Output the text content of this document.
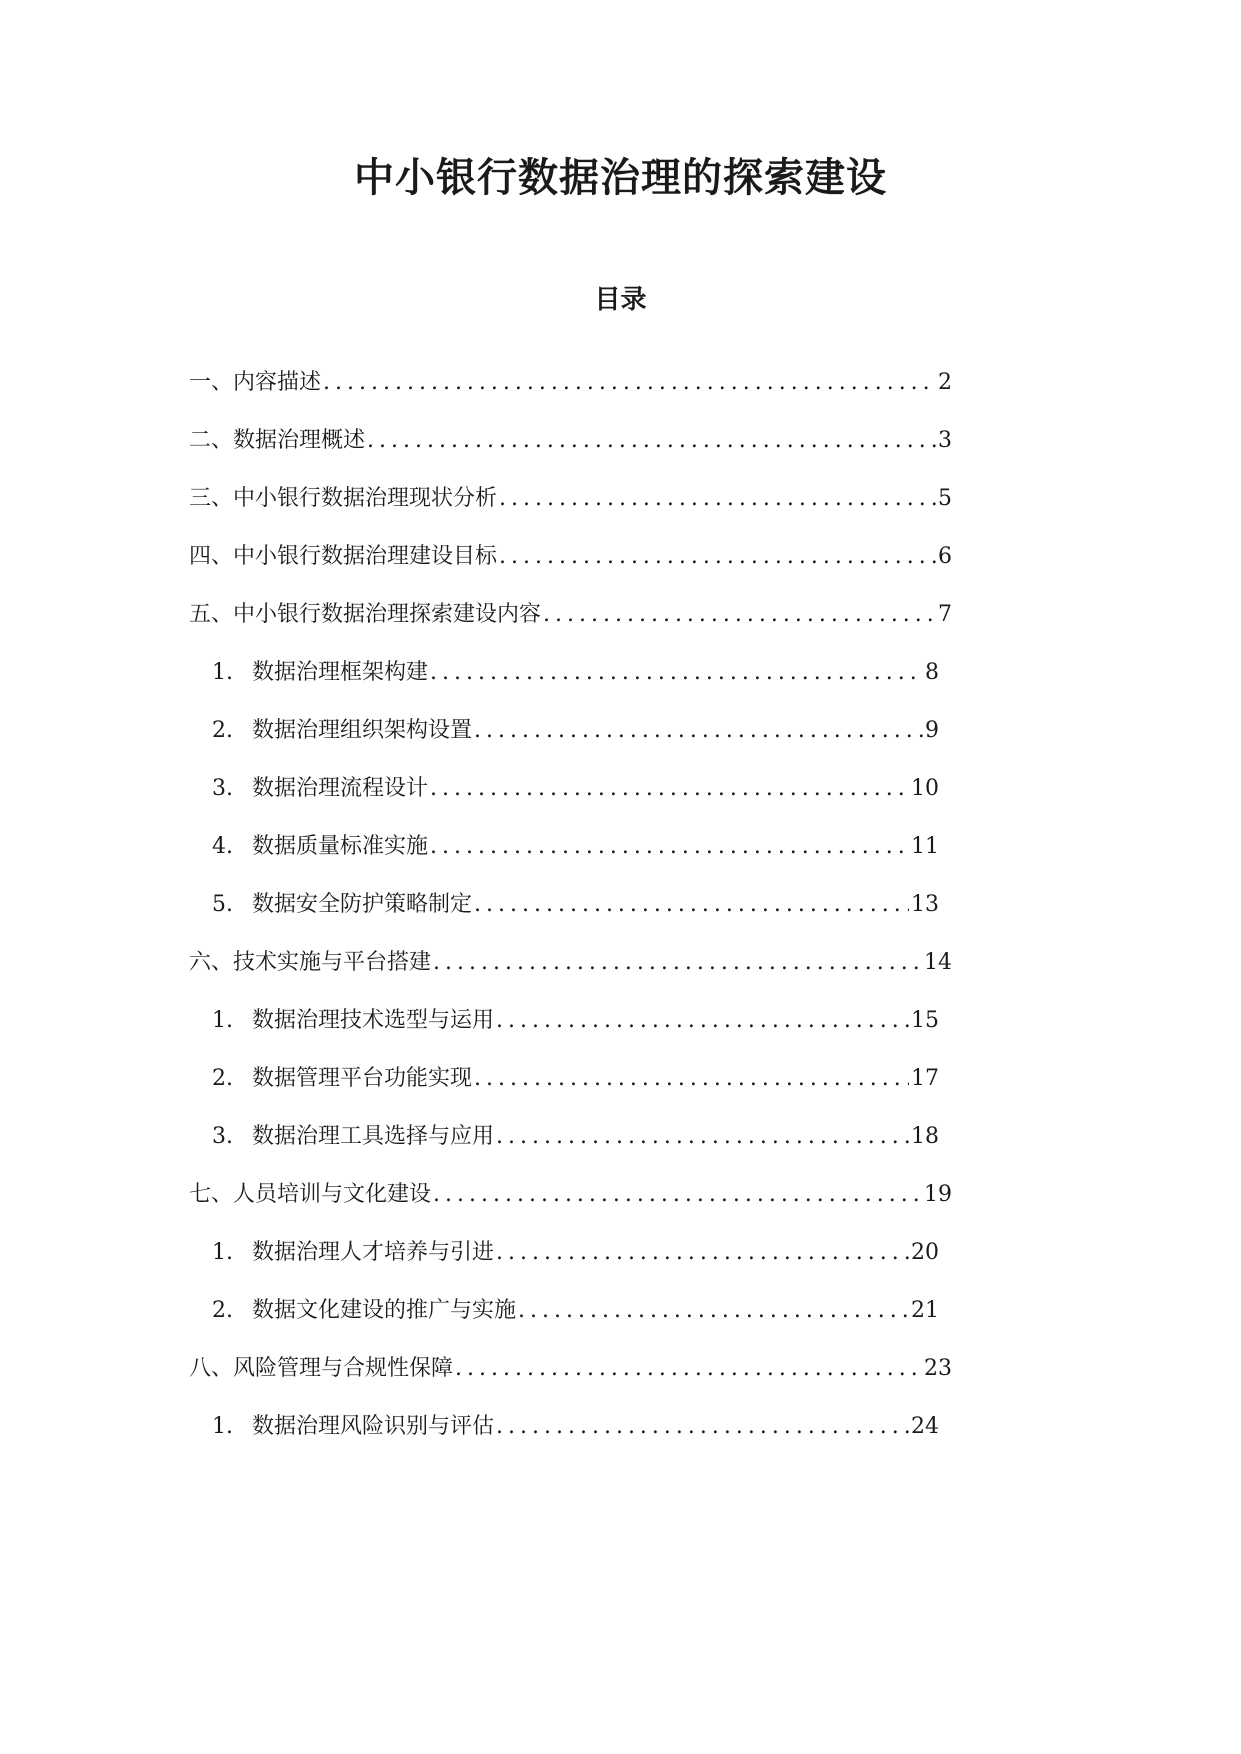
中小银行数据治理的探索建设
目录
一、内容描述 .....	2
二、数据治理概述 .....	3
三、中小银行数据治理现状分析 .....	5
四、中小银行数据治理建设目标 .....	6
五、中小银行数据治理探索建设内容 .....	7
1. 数据治理框架构建 .....	8
2. 数据治理组织架构设置 .....	9
3. 数据治理流程设计 .....	10
4. 数据质量标准实施 .....	11
5. 数据安全防护策略制定 .....	13
六、技术实施与平台搭建 .....	14
1. 数据治理技术选型与运用 .....	15
2. 数据管理平台功能实现 .....	17
3. 数据治理工具选择与应用 .....	18
七、人员培训与文化建设 .....	19
1. 数据治理人才培养与引进 .....	20
2. 数据文化建设的推广与实施 .....	21
八、风险管理与合规性保障 .....	23
1. 数据治理风险识别与评估 .....	24
